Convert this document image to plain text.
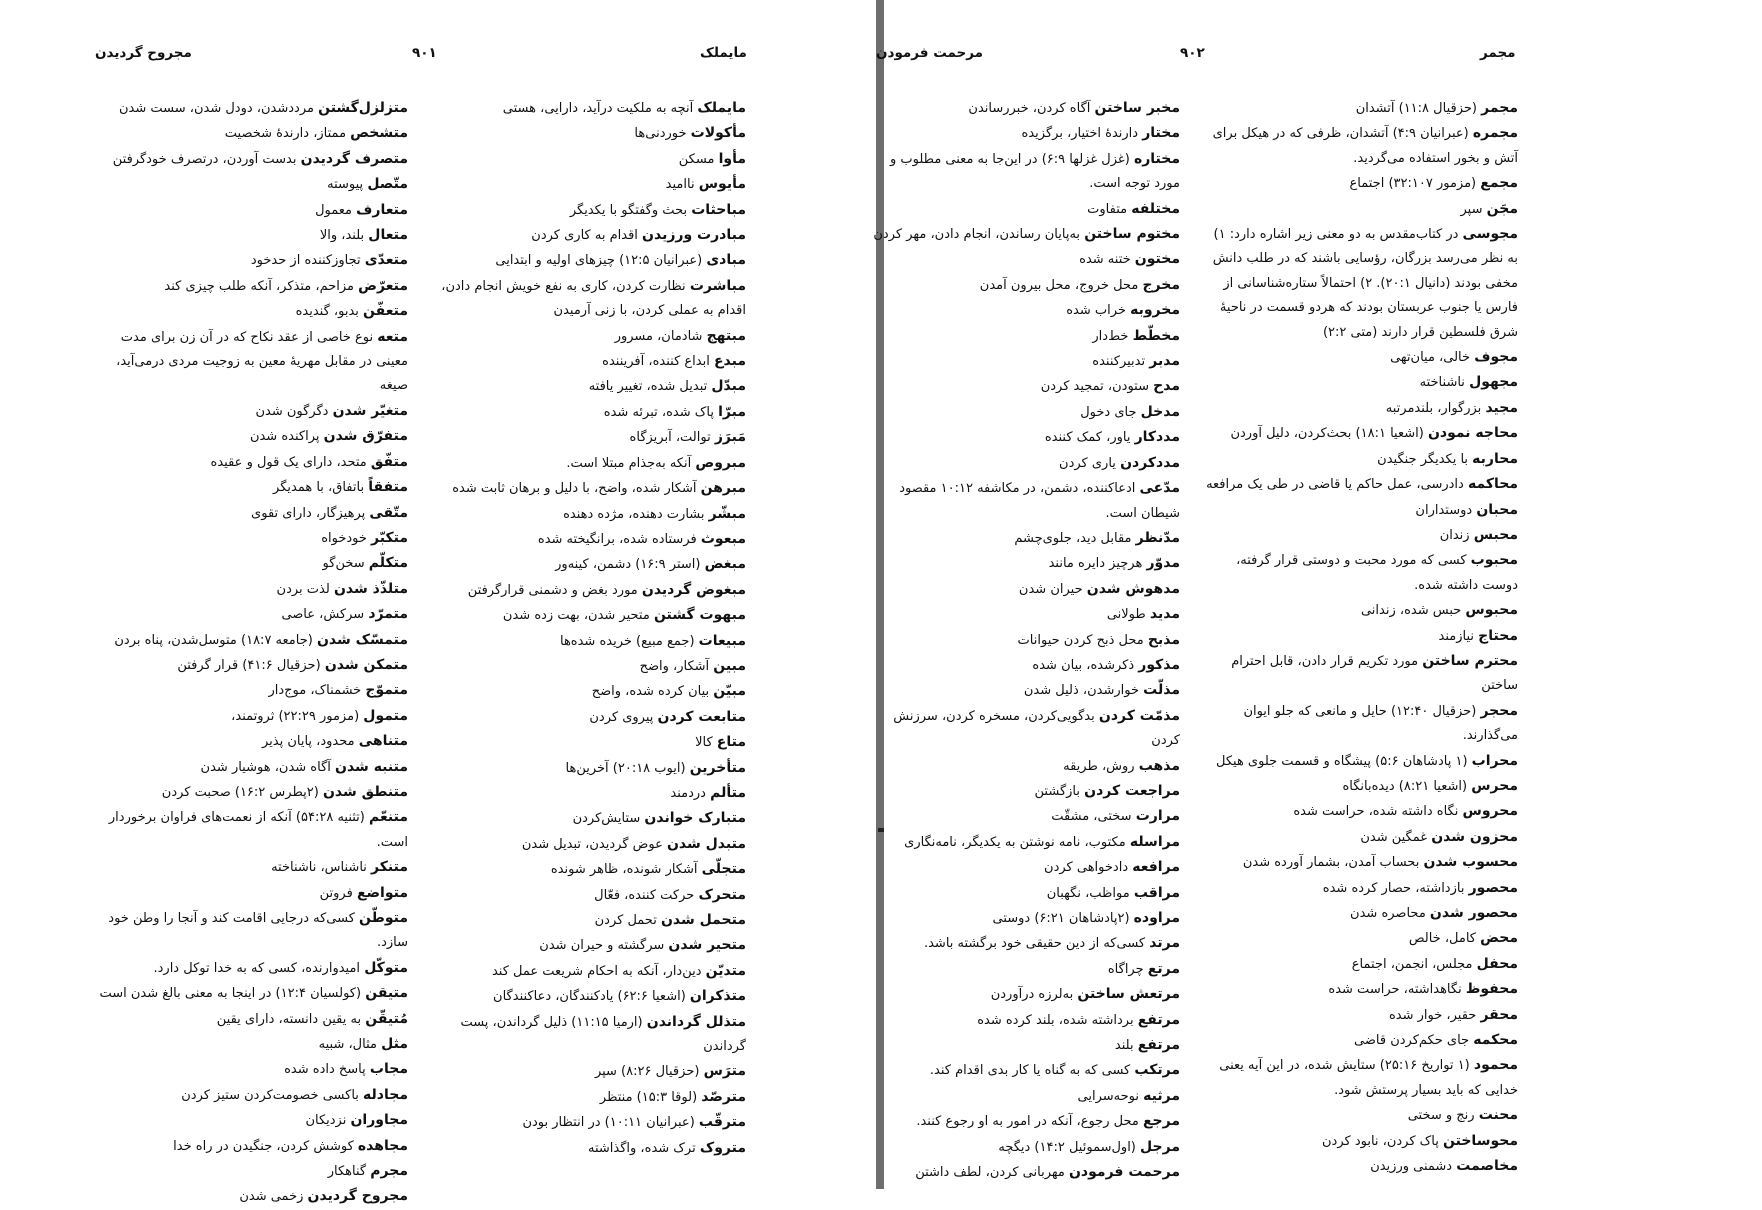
مجروح گردیدن	۹۰۱	مایملک
مایملک آنچه به ملکیت درآید، دارایی، هستی
مأکولات خوردنی‌ها
مأوا مسکن
مأیوس ناامید
مباحثات بحث وگفتگو با یکدیگر
مبادرت ورزیدن اقدام به کاری کردن
مبادی (عبرانیان ۱۲:۵) چیزهای اولیه و ابتدایی
مباشرت نظارت کردن، کاری به نفع خویش انجام دادن، اقدام به عملی کردن، با زنی آرمیدن
مبتهج شادمان، مسرور
مبدع ابداع کننده، آفریننده
مبدّل تبدیل شده، تغییر یافته
مبرّا پاک شده، تبرئه شده
مَبرَز توالت، آبریزگاه
مبروص آنکه به‌جذام مبتلا است.
مبرهن آشکار شده، واضح، با دلیل و برهان ثابت شده
مبشّر بشارت دهنده، مژده دهنده
مبعوث فرستاده شده، برانگیخته شده
مبغض (استر ۱۶:۹) دشمن، کینه‌ور
مبغوض گردیدن مورد بغض و دشمنی قرارگرفتن
مبهوت گشتن متحیر شدن، بهت زده شدن
مبیعات (جمع مبیع) خریده شده‌ها
مبین آشکار، واضح
مبیّن بیان کرده شده، واضح
متابعت کردن پیروی کردن
متاع کالا
متأخرین (ایوب ۲۰:۱۸) آخرین‌ها
متألم دردمند
متبارک خواندن ستایش‌کردن
متبدل شدن عوض گردیدن، تبدیل شدن
متجلّی آشکار شونده، ظاهر شونده
متحرک حرکت کننده، فعّال
متحمل شدن تحمل کردن
متحیر شدن سرگشته و حیران شدن
متدیّن دین‌دار، آنکه به احکام شریعت عمل کند
متذکران (اشعیا ۶۲:۶) یادکنندگان، دعاکنندگان
متذلل گرداندن (ارمیا ۱۱:۱۵) ذلیل گرداندن، پست گرداندن
مترَس (حزقیال ۸:۲۶) سپر
مترصّد (لوقا ۱۵:۳) منتظر
مترقّب (عبرانیان ۱۰:۱۱) در انتظار بودن
متروک ترک شده، واگذاشته
متزلزل‌گشتن مردد‌شدن، دودل شدن، سست شدن
متشخص ممتاز، دارندهٔ شخصیت
متصرف گردیدن بدست آوردن، درتصرف خودگرفتن
متّصل پیوسته
متعارف معمول
متعال بلند، والا
متعدّی تجاوزکننده از حدخود
متعرّض مزاحم، متذکر، آنکه طلب چیزی کند
متعفّن بدبو، گندیده
متعه نوع خاصی از عقد نکاح که در آن زن برای مدت معینی در مقابل مهریهٔ معین به زوجیت مردی درمی‌آید، صیغه
متغیّر شدن دگرگون شدن
متفرّق شدن پراکنده شدن
متفّق متحد، دارای یک قول و عقیده
متفقاً باتفاق، با همدیگر
متّقی پرهیزگار، دارای تقوی
متکبّر خودخواه
متکلّم سخن‌گو
متلذّذ شدن لذت بردن
متمرّد سرکش، عاصی
متمسّک شدن (جامعه ۱۸:۷) متوسل‌شدن، پناه بردن
متمکن شدن (حزقیال ۴۱:۶) قرار گرفتن
متموّج خشمناک، موج‌دار
متمول (مزمور ۲۲:۲۹) ثروتمند،
متناهی محدود، پایان پذیر
متنبه شدن آگاه شدن، هوشیار شدن
متنطق شدن (۲پطرس ۱۶:۲) صحبت کردن
متنعّم (تثنیه ۵۴:۲۸) آنکه از نعمت‌های فراوان برخوردار است.
متنکر ناشناس، ناشناخته
متواضع فروتن
متوطّن کسی‌که درجایی اقامت کند و آنجا را وطن خود سازد.
متوکّل امیدوارنده، کسی که به خدا توکل دارد.
متیقن (کولسیان ۱۲:۴) در اینجا به معنی بالغ شدن است
مُتیقّن به یقین دانسته، دارای یقین
مثل مثال، شبیه
مجاب پاسخ داده شده
مجادله باکسی خصومت‌کردن ستیز کردن
مجاوران نزدیکان
مجاهده کوشش کردن، جنگیدن در راه خدا
مجرم گناهکار
مجروح گردیدن زخمی شدن
مرحمت فرمودن	۹۰۲	مجمر
مجمر (حزقیال ۱۱:۸) آتشدان
مجمره (عبرانیان ۴:۹) آتشدان، ظرفی که در هیکل برای آتش و بخور استفاده می‌گردید.
مجمع (مزمور ۳۲:۱۰۷) اجتماع
مجَن سپر
مجوسی در کتاب‌مقدس به دو معنی زیر اشاره دارد: ۱) به نظر می‌رسد بزرگان، رؤسایی باشند که در طلب دانش مخفی بودند (دانیال ۲۰:۱). ۲) احتمالاً ستاره‌شناسانی از فارس یا جنوب عربستان بودند که هردو قسمت در ناحیهٔ شرق فلسطین قرار دارند (متی ۲:۲)
مجوف خالی، میان‌تهی
مجهول ناشناخته
مجید بزرگوار، بلندمرتبه
محاجه نمودن (اشعیا ۱۸:۱) بحث‌کردن، دلیل آوردن
محاربه با یکدیگر جنگیدن
محاکمه دادرسی، عمل حاکم یا قاضی در طی یک مرافعه
محبان دوستداران
محبس زندان
محبوب کسی که مورد محبت و دوستی قرار گرفته، دوست داشته شده.
محبوس حبس شده، زندانی
محتاج نیازمند
محترم ساختن مورد تکریم قرار دادن، قابل احترام ساختن
محجر (حزقیال ۱۲:۴۰) حایل و مانعی که جلو ایوان می‌گذارند.
محراب (۱ پادشاهان ۵:۶) پیشگاه و قسمت جلوی هیکل
محرس (اشعیا ۸:۲۱) دیده‌بانگاه
محروس نگاه داشته شده، حراست شده
محزون شدن غمگین شدن
محسوب شدن بحساب آمدن، بشمار آورده شدن
محصور بازداشته، حصار کرده شده
محصور شدن محاصره شدن
محض کامل، خالص
محفل مجلس، انجمن، اجتماع
محفوظ نگاهداشته، حراست شده
محقر حقیر، خوار شده
محکمه جای حکم‌کردن قاضی
محمود (۱ تواریخ ۲۵:۱۶) ستایش شده، در این آیه یعنی خدایی که باید بسیار پرستش شود.
محنت رنج و سختی
محوساختن پاک کردن، نابود کردن
مخاصمت دشمنی ورزیدن
مخبر ساختن آگاه کردن، خبررساندن
مختار دارندهٔ اختیار، برگزیده
مختاره (غزل غزلها ۶:۹) در این‌جا به معنی مطلوب و مورد توجه است.
مختلفه متفاوت
مختوم ساختن به‌پایان رساندن، انجام دادن، مهر کردن
مختون ختنه شده
مخرج محل خروج، محل بیرون آمدن
مخروبه خراب شده
مخطّط خط‌دار
مدبر تدبیرکننده
مدح ستودن، تمجید کردن
مدخل جای دخول
مددکار یاور، کمک کننده
مددکردن یاری کردن
مدّعی ادعاکننده، دشمن، در مکاشفه ۱۰:۱۲ مقصود شیطان است.
مدّنظر مقابل دید، جلوی‌چشم
مدوّر هرچیز دایره مانند
مدهوش شدن حیران شدن
مدید طولانی
مذبح محل ذبح کردن حیوانات
مذکور ذکرشده، بیان شده
مذلّت خوارشدن، ذلیل شدن
مذمّت کردن بدگویی‌کردن، مسخره کردن، سرزنش کردن
مذهب روش، طریقه
مراجعت کردن بازگشتن
مرارت سختی، مشقّت
مراسله مکتوب، نامه نوشتن به یکدیگر، نامه‌نگاری
مرافعه دادخواهی کردن
مراقب مواظب، نگهبان
مراوده (۲پادشاهان ۶:۲۱) دوستی
مرتد کسی‌که از دین حقیقی خود برگشته باشد.
مرتع چراگاه
مرتعش ساختن به‌لرزه درآوردن
مرتفع برداشته شده، بلند کرده شده
مرتفع بلند
مرتکب کسی که به گناه یا کار بدی اقدام کند.
مرثیه نوحه‌سرایی
مرجع محل رجوع، آنکه در امور به او رجوع کنند.
مرجل (اول‌سموئیل ۱۴:۲) دیگچه
مرحمت فرمودن مهربانی کردن، لطف داشتن
